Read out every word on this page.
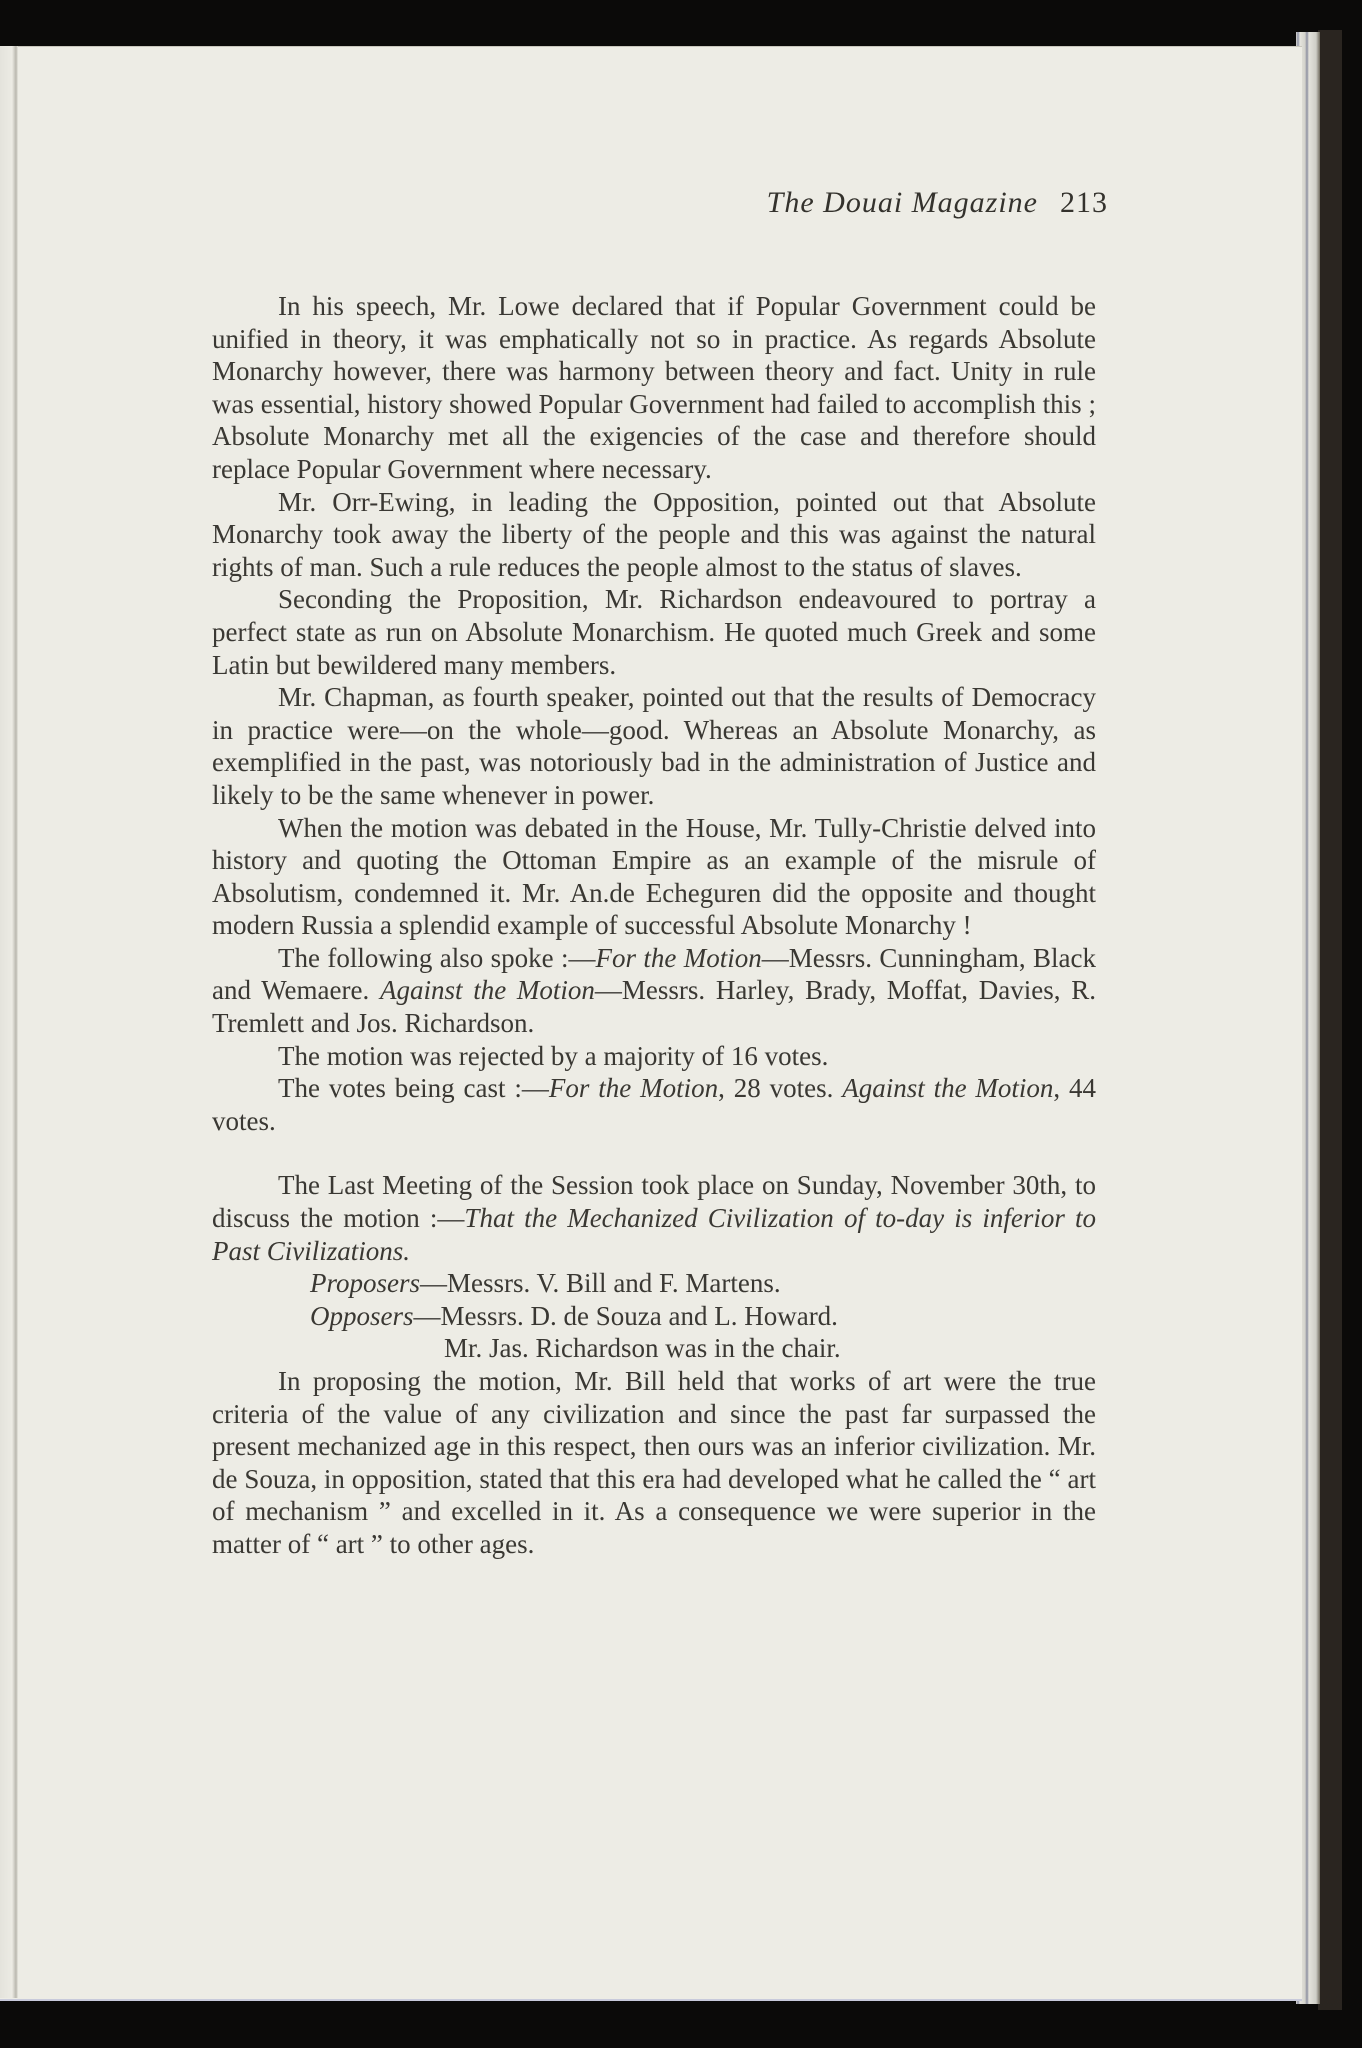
The Douai Magazine 213

In his speech, Mr. Lowe declared that if Popular Government could be unified in theory, it was emphatically not so in practice. As regards Absolute Monarchy however, there was harmony between theory and fact. Unity in rule was essential, history showed Popular Government had failed to accomplish this ; Absolute Monarchy met all the exigencies of the case and therefore should replace Popular Government where necessary.

Mr. Orr-Ewing, in leading the Opposition, pointed out that Absolute Monarchy took away the liberty of the people and this was against the natural rights of man. Such a rule reduces the people almost to the status of slaves.

Seconding the Proposition, Mr. Richardson endeavoured to portray a perfect state as run on Absolute Monarchism. He quoted much Greek and some Latin but bewildered many members.

Mr. Chapman, as fourth speaker, pointed out that the results of Democracy in practice were—on the whole—good. Whereas an Absolute Monarchy, as exemplified in the past, was notoriously bad in the administration of Justice and likely to be the same whenever in power.

When the motion was debated in the House, Mr. Tully-Christie delved into history and quoting the Ottoman Empire as an example of the misrule of Absolutism, condemned it. Mr. An.de Echeguren did the opposite and thought modern Russia a splendid example of successful Absolute Monarchy !

The following also spoke :—For the Motion—Messrs. Cunningham, Black and Wemaere. Against the Motion—Messrs. Harley, Brady, Moffat, Davies, R. Tremlett and Jos. Richardson.

The motion was rejected by a majority of 16 votes.

The votes being cast :—For the Motion, 28 votes. Against the Motion, 44 votes.

The Last Meeting of the Session took place on Sunday, November 30th, to discuss the motion :—That the Mechanized Civilization of to-day is inferior to Past Civilizations.

Proposers—Messrs. V. Bill and F. Martens.

Opposers—Messrs. D. de Souza and L. Howard.

Mr. Jas. Richardson was in the chair.

In proposing the motion, Mr. Bill held that works of art were the true criteria of the value of any civilization and since the past far surpassed the present mechanized age in this respect, then ours was an inferior civilization. Mr. de Souza, in opposition, stated that this era had developed what he called the “ art of mechanism ” and excelled in it. As a consequence we were superior in the matter of “ art ” to other ages.
